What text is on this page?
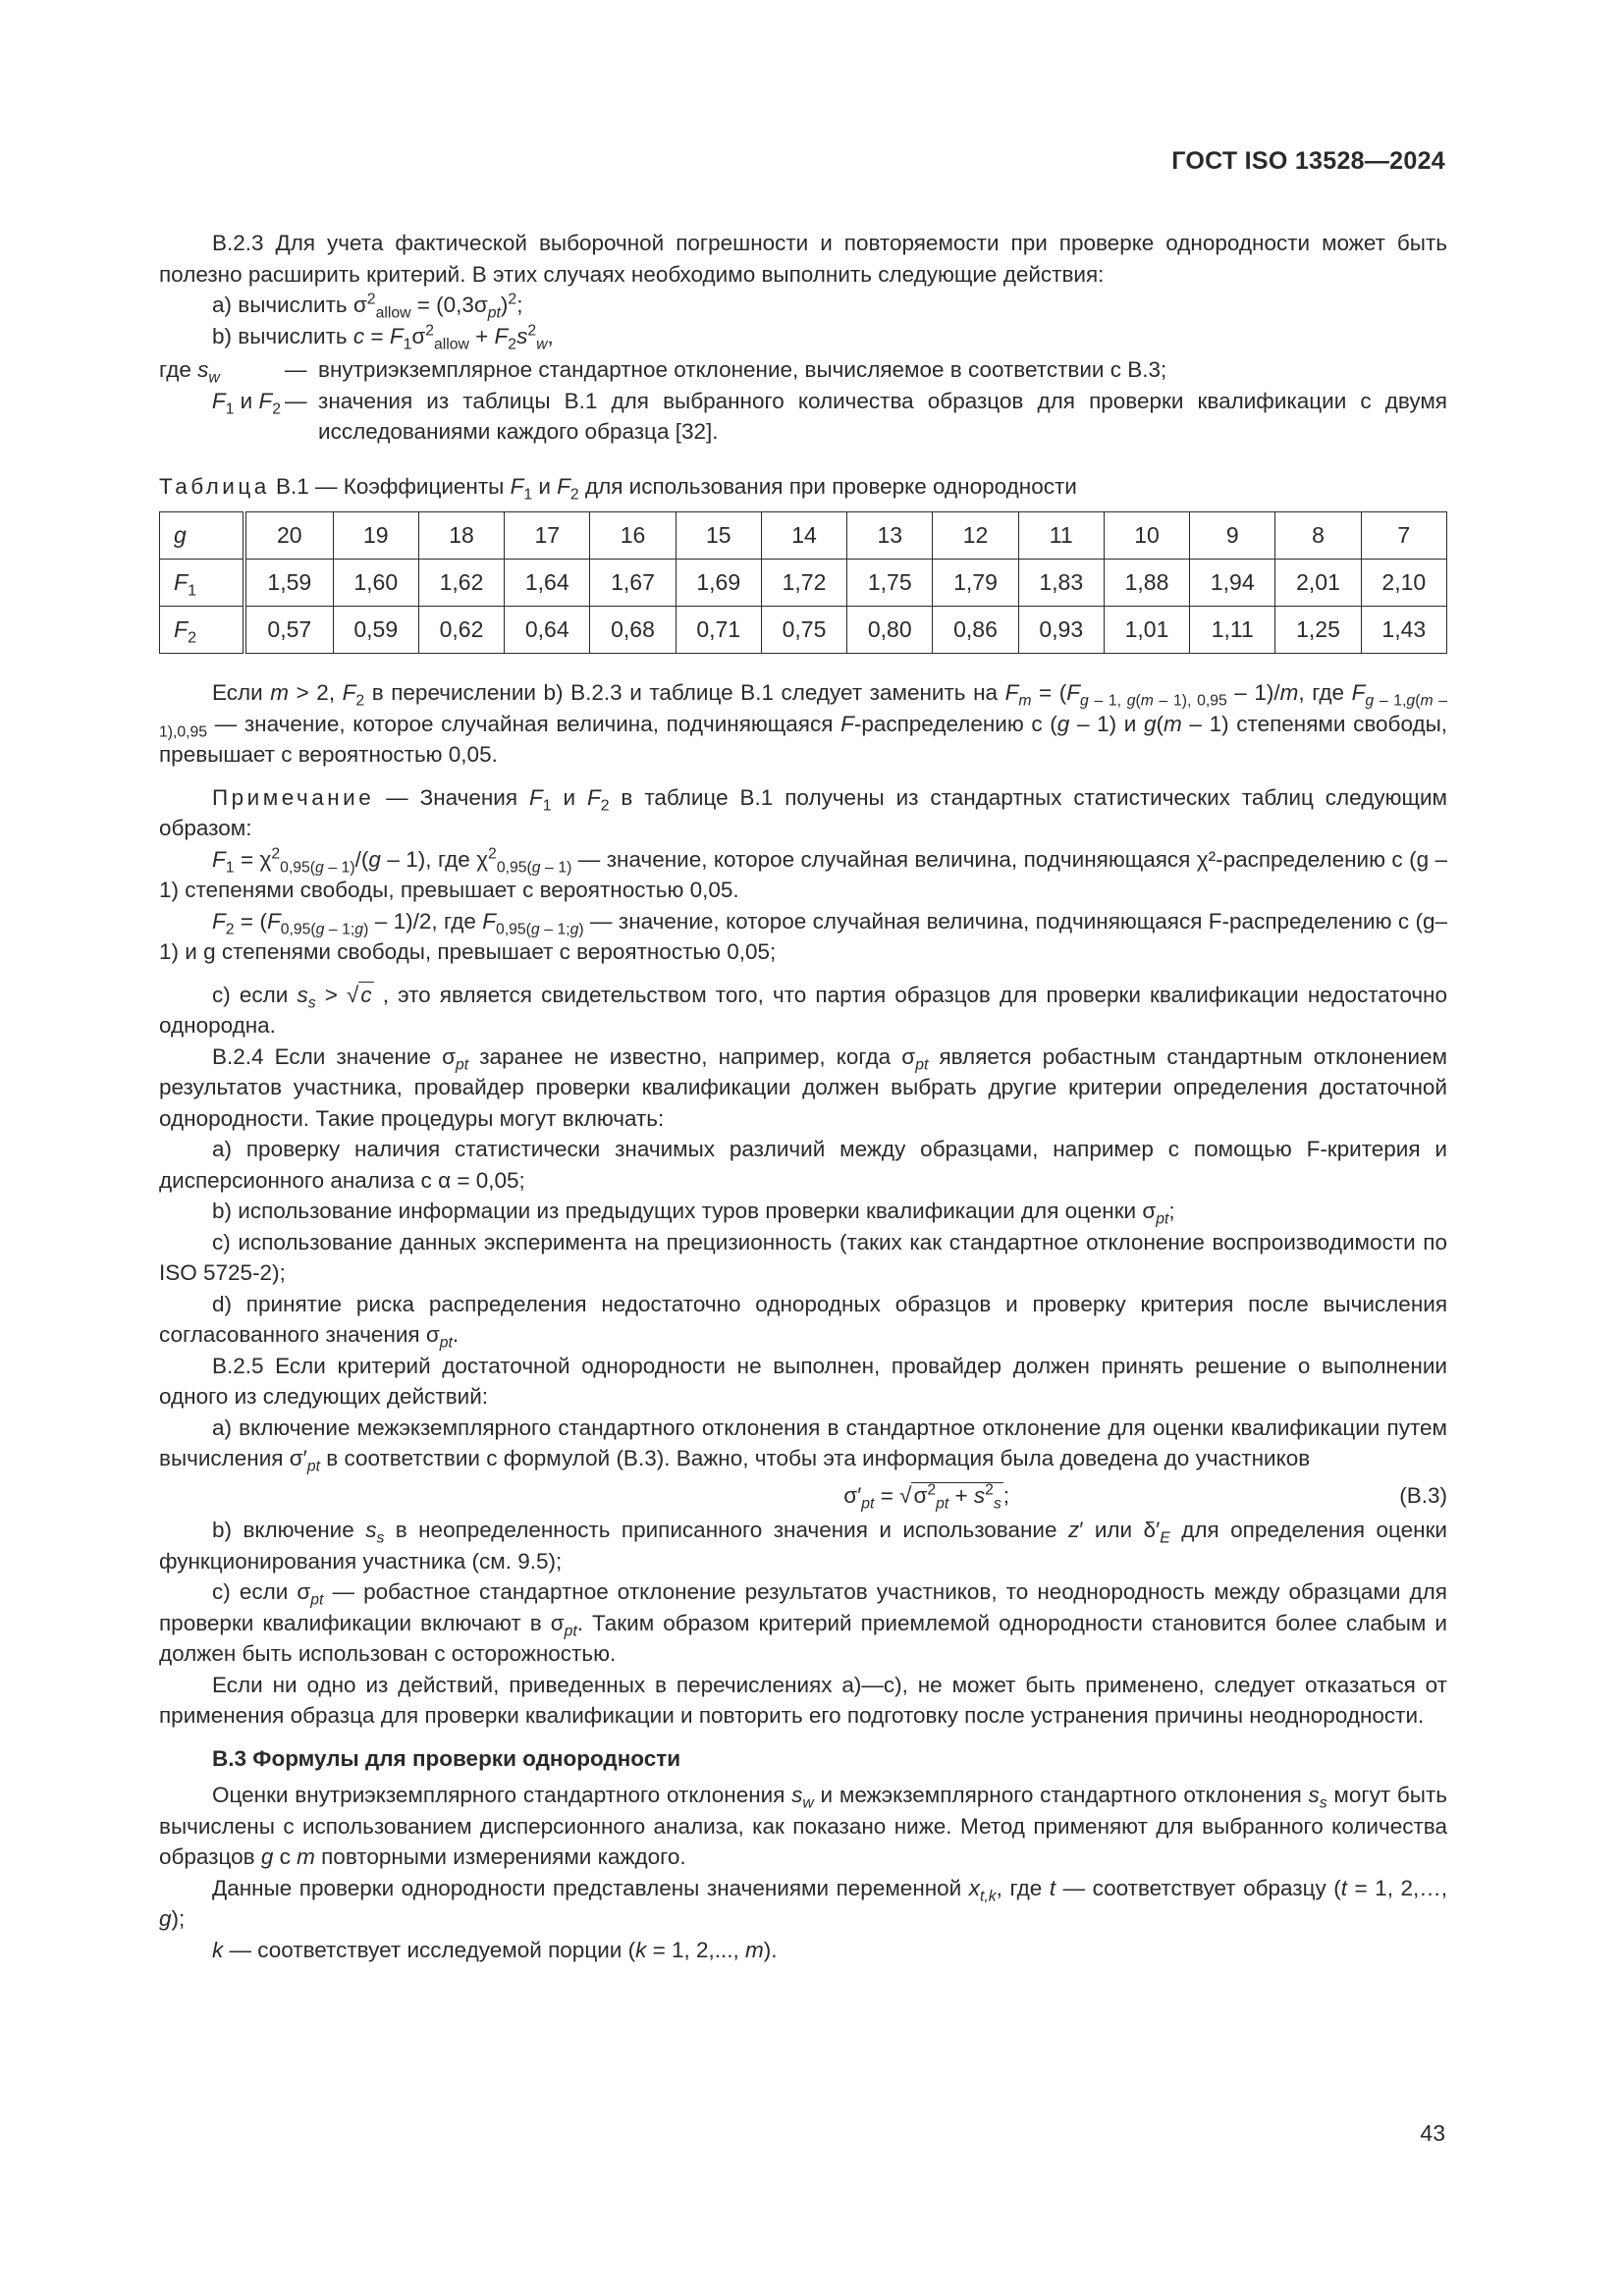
ГОСТ ISO 13528—2024

B.2.3 Для учета фактической выборочной погрешности и повторяемости при проверке однородности может быть полезно расширить критерий. В этих случаях необходимо выполнить следующие действия:

a) вычислить $\sigma^2_{allow} = (0,3\sigma_{pt})^2$;

b) вычислить $c = F_1\sigma^2_{allow} + F_2s^2_w$,

где $s_w$	— внутриэкземплярное стандартное отклонение, вычисляемое в соответствии с B.3;
$F_1$ и $F_2$ — значения из таблицы B.1 для выбранного количества образцов для проверки квалификации с двумя исследованиями каждого образца [32].

Таблица B.1 — Коэффициенты $F_1$ и $F_2$ для использования при проверке однородности

g	20	19	18	17	16	15	14	13	12	11	10	9	8	7
$F_1$	1,59	1,60	1,62	1,64	1,67	1,69	1,72	1,75	1,79	1,83	1,88	1,94	2,01	2,10
$F_2$	0,57	0,59	0,62	0,64	0,68	0,71	0,75	0,80	0,86	0,93	1,01	1,11	1,25	1,43

Если m > 2, $F_2$ в перечислении b) B.2.3 и таблице B.1 следует заменить на $F_m = (F_{g - 1, g(m - 1), 0,95} - 1)/m$, где $F_{g - 1,g(m - 1),0,95}$ — значение, которое случайная величина, подчиняющаяся F-распределению с (g – 1) и g(m – 1) степенями свободы, превышает с вероятностью 0,05.

Примечание — Значения $F_1$ и $F_2$ в таблице B.1 получены из стандартных статистических таблиц следующим образом:

$F_1 = \chi^2_{0,95(g - 1)}/(g - 1)$, где $\chi^2_{0,95(g - 1)}$ — значение, которое случайная величина, подчиняющаяся χ²-распределению с (g – 1) степенями свободы, превышает с вероятностью 0,05.

$F_2 = (F_{0,95(g - 1;g)} - 1)/2$, где $F_{0,95(g - 1;g)}$ — значение, которое случайная величина, подчиняющаяся F-распределению с (g–1) и g степенями свободы, превышает с вероятностью 0,05;

c) если $s_s > √c$ , это является свидетельством того, что партия образцов для проверки квалификации недостаточно однородна.

B.2.4 Если значение $\sigma_{pt}$ заранее не известно, например, когда $\sigma_{pt}$ является робастным стандартным отклонением результатов участника, провайдер проверки квалификации должен выбрать другие критерии определения достаточной однородности. Такие процедуры могут включать:

a) проверку наличия статистически значимых различий между образцами, например с помощью F-критерия и дисперсионного анализа с α = 0,05;

b) использование информации из предыдущих туров проверки квалификации для оценки $\sigma_{pt}$;

c) использование данных эксперимента на прецизионность (таких как стандартное отклонение воспроизводимости по ISO 5725-2);

d) принятие риска распределения недостаточно однородных образцов и проверку критерия после вычисления согласованного значения $\sigma_{pt}$.

B.2.5 Если критерий достаточной однородности не выполнен, провайдер должен принять решение о выполнении одного из следующих действий:

a) включение межэкземплярного стандартного отклонения в стандартное отклонение для оценки квалификации путем вычисления $\sigma'_{pt}$ в соответствии с формулой (B.3). Важно, чтобы эта информация была доведена до участников

$\sigma'_{pt} = √\sigma^2_{pt} + s^2_s$;	(B.3)

b) включение $s_s$ в неопределенность приписанного значения и использование z′ или $\delta'_E$ для определения оценки функционирования участника (см. 9.5);

c) если $\sigma_{pt}$ — робастное стандартное отклонение результатов участников, то неоднородность между образцами для проверки квалификации включают в $\sigma_{pt}$. Таким образом критерий приемлемой однородности становится более слабым и должен быть использован с осторожностью.

Если ни одно из действий, приведенных в перечислениях a)—c), не может быть применено, следует отказаться от применения образца для проверки квалификации и повторить его подготовку после устранения причины неоднородности.

B.3 Формулы для проверки однородности

Оценки внутриэкземплярного стандартного отклонения $s_w$ и межэкземплярного стандартного отклонения $s_s$ могут быть вычислены с использованием дисперсионного анализа, как показано ниже. Метод применяют для выбранного количества образцов g с m повторными измерениями каждого.

Данные проверки однородности представлены значениями переменной $x_{t,k}$, где t — соответствует образцу (t = 1, 2,…, g);

k — соответствует исследуемой порции (k = 1, 2,..., m).

43
